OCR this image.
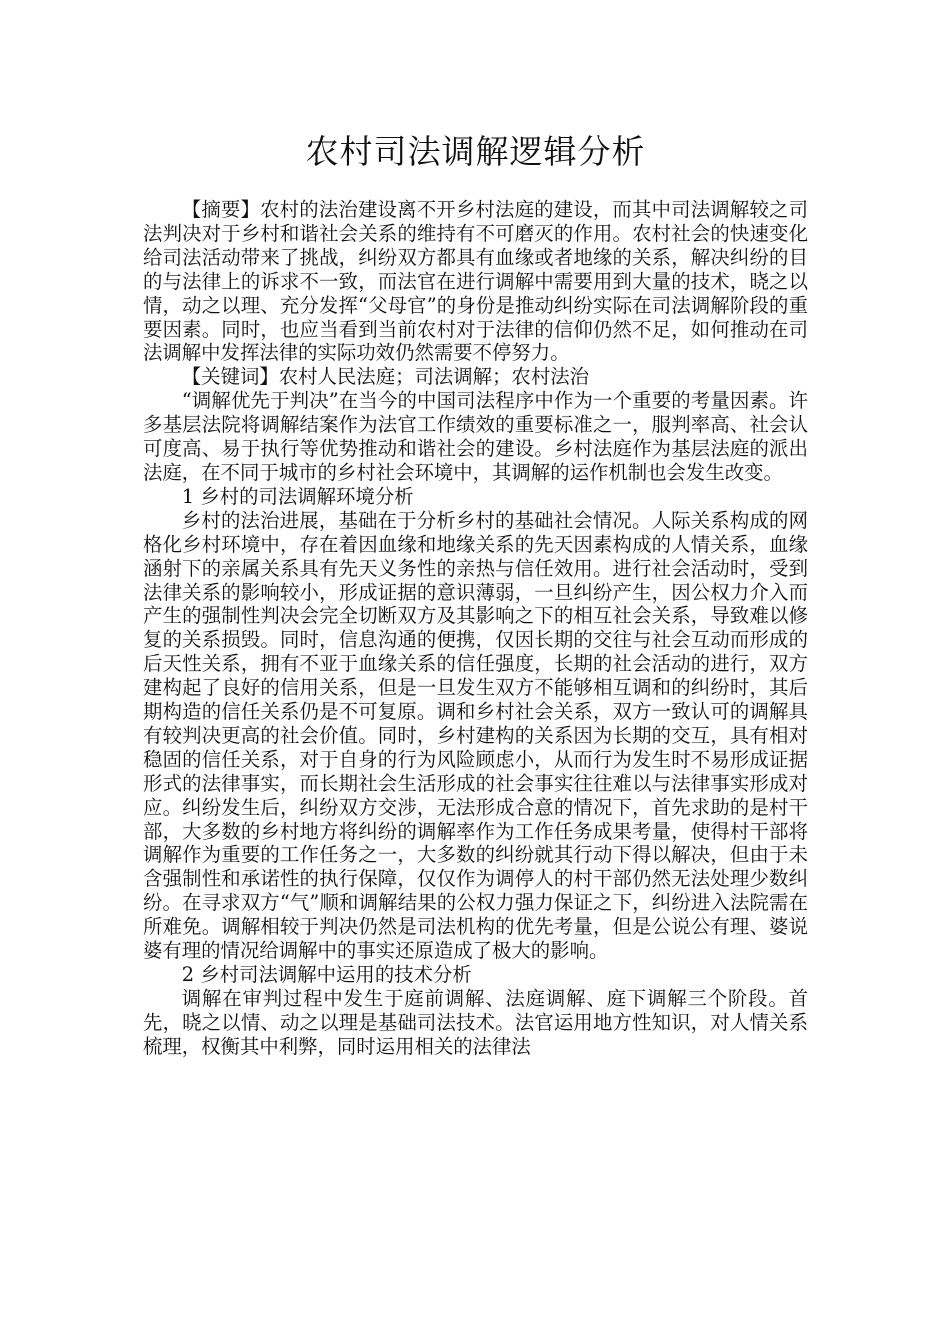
农村司法调解逻辑分析

【摘要】农村的法治建设离不开乡村法庭的建设，而其中司法调解较之司法判决对于乡村和谐社会关系的维持有不可磨灭的作用。农村社会的快速变化给司法活动带来了挑战，纠纷双方都具有血缘或者地缘的关系，解决纠纷的目的与法律上的诉求不一致，而法官在进行调解中需要用到大量的技术，晓之以情，动之以理、充分发挥“父母官”的身份是推动纠纷实际在司法调解阶段的重要因素。同时，也应当看到当前农村对于法律的信仰仍然不足，如何推动在司法调解中发挥法律的实际功效仍然需要不停努力。

【关键词】农村人民法庭；司法调解；农村法治

“调解优先于判决”在当今的中国司法程序中作为一个重要的考量因素。许多基层法院将调解结案作为法官工作绩效的重要标准之一，服判率高、社会认可度高、易于执行等优势推动和谐社会的建设。乡村法庭作为基层法庭的派出法庭，在不同于城市的乡村社会环境中，其调解的运作机制也会发生改变。

1 乡村的司法调解环境分析

乡村的法治进展，基础在于分析乡村的基础社会情况。人际关系构成的网格化乡村环境中，存在着因血缘和地缘关系的先天因素构成的人情关系，血缘涵射下的亲属关系具有先天义务性的亲热与信任效用。进行社会活动时，受到法律关系的影响较小，形成证据的意识薄弱，一旦纠纷产生，因公权力介入而产生的强制性判决会完全切断双方及其影响之下的相互社会关系，导致难以修复的关系损毁。同时，信息沟通的便携，仅因长期的交往与社会互动而形成的后天性关系，拥有不亚于血缘关系的信任强度，长期的社会活动的进行，双方建构起了良好的信用关系，但是一旦发生双方不能够相互调和的纠纷时，其后期构造的信任关系仍是不可复原。调和乡村社会关系，双方一致认可的调解具有较判决更高的社会价值。同时，乡村建构的关系因为长期的交互，具有相对稳固的信任关系，对于自身的行为风险顾虑小，从而行为发生时不易形成证据形式的法律事实，而长期社会生活形成的社会事实往往难以与法律事实形成对应。纠纷发生后，纠纷双方交涉，无法形成合意的情况下，首先求助的是村干部，大多数的乡村地方将纠纷的调解率作为工作任务成果考量，使得村干部将调解作为重要的工作任务之一，大多数的纠纷就其行动下得以解决，但由于未含强制性和承诺性的执行保障，仅仅作为调停人的村干部仍然无法处理少数纠纷。在寻求双方“气”顺和调解结果的公权力强力保证之下，纠纷进入法院需在所难免。调解相较于判决仍然是司法机构的优先考量，但是公说公有理、婆说婆有理的情况给调解中的事实还原造成了极大的影响。

2 乡村司法调解中运用的技术分析

调解在审判过程中发生于庭前调解、法庭调解、庭下调解三个阶段。首先，晓之以情、动之以理是基础司法技术。法官运用地方性知识，对人情关系梳理，权衡其中利弊，同时运用相关的法律法
